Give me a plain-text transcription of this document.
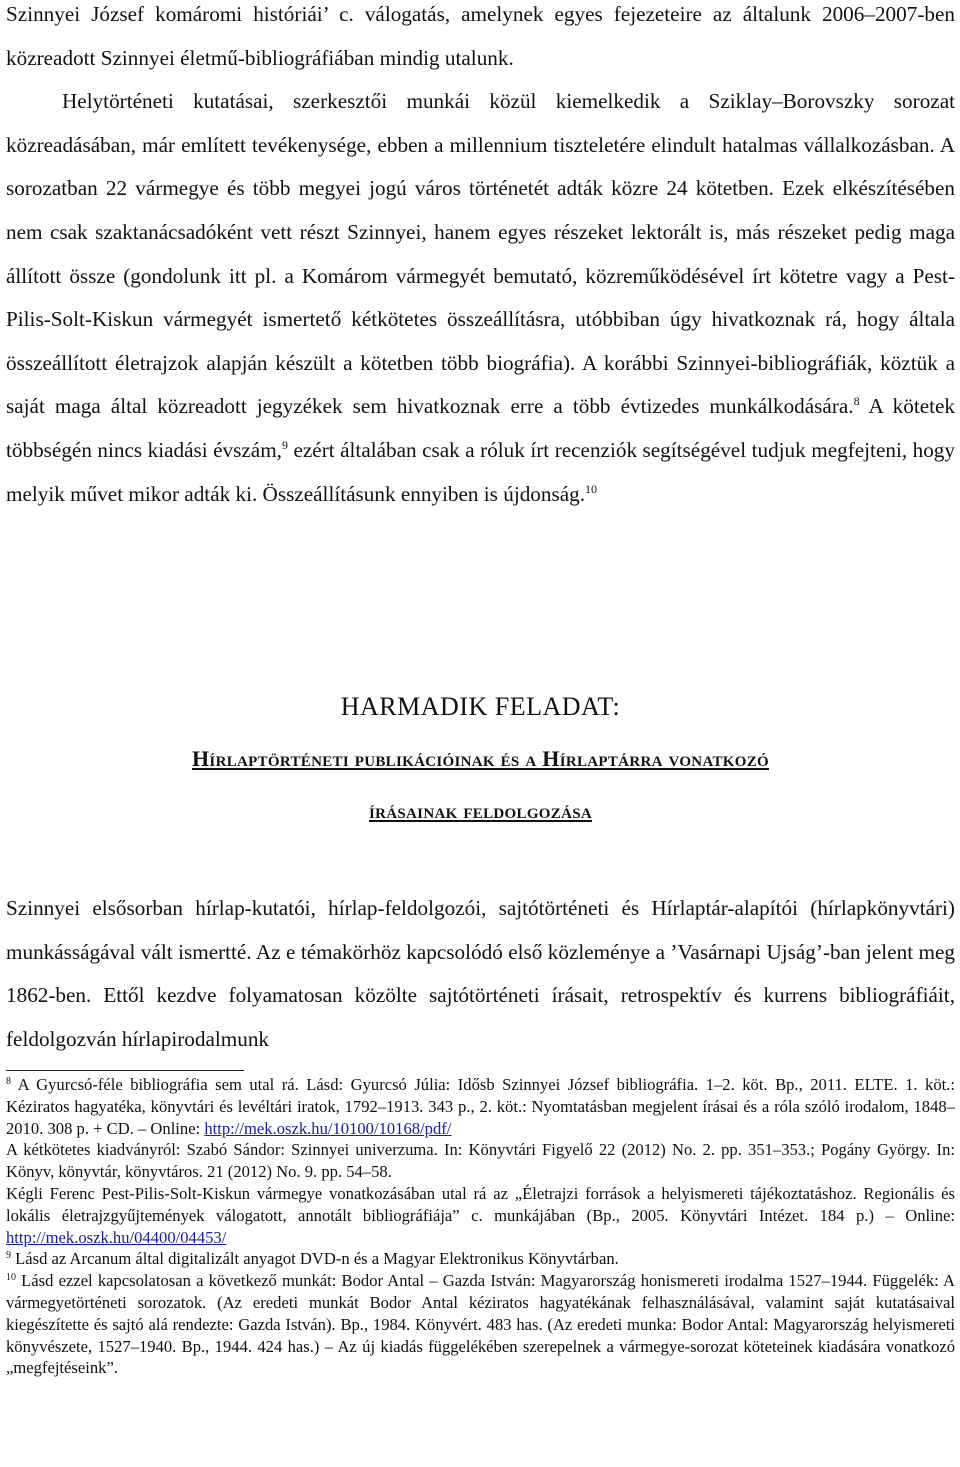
Szinnyei József komáromi históriái’ c. válogatás, amelynek egyes fejezeteire az általunk 2006–2007-ben közreadott Szinnyei életmű-bibliográfiában mindig utalunk.

Helytörténeti kutatásai, szerkesztői munkái közül kiemelkedik a Sziklay–Borovszky sorozat közreadásában, már említett tevékenysége, ebben a millennium tiszteletére elindult hatalmas vállalkozásban. A sorozatban 22 vármegye és több megyei jogú város történetét adták közre 24 kötetben. Ezek elkészítésében nem csak szaktanácsadóként vett részt Szinnyei, hanem egyes részeket lektorált is, más részeket pedig maga állított össze (gondolunk itt pl. a Komárom vármegyét bemutató, közreműködésével írt kötetre vagy a Pest-Pilis-Solt-Kiskun vármegyét ismertető kétkötetes összeállításra, utóbbiban úgy hivatkoznak rá, hogy általa összeállított életrajzok alapján készült a kötetben több biográfia). A korábbi Szinnyei-bibliográfiák, köztük a saját maga által közreadott jegyzékek sem hivatkoznak erre a több évtizedes munkálkodására.$^8$ A kötetek többségén nincs kiadási évszám,$^9$ ezért általában csak a róluk írt recenziók segítségével tudjuk megfejteni, hogy melyik művet mikor adták ki. Összeállításunk ennyiben is újdonság.$^{10}$

HARMADIK FELADAT:

Hírlaptörténeti publikációinak és a Hírlaptárra vonatkozó

írásainak feldolgozása

Szinnyei elsősorban hírlap-kutatói, hírlap-feldolgozói, sajtótörténeti és Hírlaptár-alapítói (hírlapkönyvtári) munkásságával vált ismertté. Az e témakörhöz kapcsolódó első közleménye a ’Vasárnapi Ujság’-ban jelent meg 1862-ben. Ettől kezdve folyamatosan közölte sajtótörténeti írásait, retrospektív és kurrens bibliográfiáit, feldolgozván hírlapirodalmunk

$^8$ A Gyurcsó-féle bibliográfia sem utal rá. Lásd: Gyurcsó Júlia: Idősb Szinnyei József bibliográfia. 1–2. köt. Bp., 2011. ELTE. 1. köt.: Kéziratos hagyatéka, könyvtári és levéltári iratok, 1792–1913. 343 p., 2. köt.: Nyomtatásban megjelent írásai és a róla szóló irodalom, 1848–2010. 308 p. + CD. – Online: http://mek.oszk.hu/10100/10168/pdf/

A kétkötetes kiadványról: Szabó Sándor: Szinnyei univerzuma. In: Könyvtári Figyelő 22 (2012) No. 2. pp. 351–353.; Pogány György. In: Könyv, könyvtár, könyvtáros. 21 (2012) No. 9. pp. 54–58.

Kégli Ferenc Pest-Pilis-Solt-Kiskun vármegye vonatkozásában utal rá az „Életrajzi források a helyismereti tájékoztatáshoz. Regionális és lokális életrajzgyűjtemények válogatott, annotált bibliográfiája” c. munkájában (Bp., 2005. Könyvtári Intézet. 184 p.) – Online: http://mek.oszk.hu/04400/04453/

$^9$ Lásd az Arcanum által digitalizált anyagot DVD-n és a Magyar Elektronikus Könyvtárban.

$^{10}$ Lásd ezzel kapcsolatosan a következő munkát: Bodor Antal – Gazda István: Magyarország honismereti irodalma 1527–1944. Függelék: A vármegyetörténeti sorozatok. (Az eredeti munkát Bodor Antal kéziratos hagyatékának felhasználásával, valamint saját kutatásaival kiegészítette és sajtó alá rendezte: Gazda István). Bp., 1984. Könyvért. 483 has. (Az eredeti munka: Bodor Antal: Magyarország helyismereti könyvészete, 1527–1940. Bp., 1944. 424 has.) – Az új kiadás függelékében szerepelnek a vármegye-sorozat köteteinek kiadására vonatkozó „megfejtéseink”.
